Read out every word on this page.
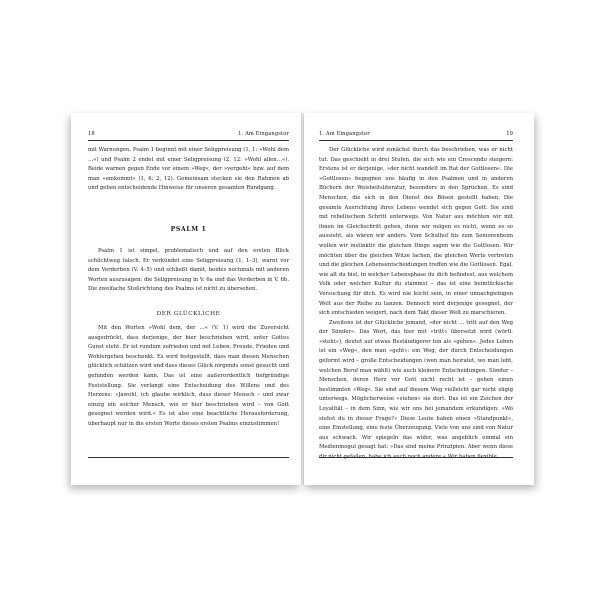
18	1. Am Eingangstor

mit Warnungen. Psalm 1 beginnt mit einer Seligpreisung (1, 1: »Wohl dem …«) und Psalm 2 endet mit einer Seligpreisung (2, 12: »Wohl allen…«). Beide warnen gegen Ende vor einem »Weg«, der »vergeht« bzw. auf dem man »umkommt« (1, 6; 2, 12). Gemeinsam stecken sie den Rahmen ab und geben entscheidende Hinweise für unseren gesamten Rundgang.

PSALM 1

Psalm 1 ist simpel, problematisch und auf den ersten Blick schlichtweg falsch. Er verkündet eine Seligpreisung (1, 1–3), warnt vor dem Verderben (V. 4–5) und schließt damit, beides nochmals mit anderen Worten auszusagen: die Seligpreisung in V. 6a und das Verderben in V. 6b. Die zweifache Stoßrichtung des Psalms ist nicht zu übersehen.

DER GLÜCKLICHE

Mit den Worten »Wohl dem, der …« (V. 1) wird die Zuversicht ausgedrückt, dass derjenige, der hier beschrieben wird, unter Gottes Gunst steht. Er ist rundum zufrieden und mit Leben, Freude, Frieden und Wohlergehen beschenkt. Es wird festgestellt, dass man diesen Menschen glücklich schätzen wird und dass dieses Glück nirgends sonst gesucht und gefunden werden kann. Das ist eine außerordentlich tiefgründige Feststellung. Sie verlangt eine Entscheidung des Willens und des Herzens: »Jawohl, ich glaube wirklich, dass dieser Mensch – und zwar einzig ein solcher Mensch, wie er hier beschrieben wird – von Gott gesegnet werden wird.« Es ist also eine beachtliche Herausforderung, überhaupt nur in die ersten Worte dieses ersten Psalms einzustimmen!

1. Am Eingangstor	19

Der Glückliche wird zunächst durch das beschrieben, was er nicht tut. Das geschieht in drei Stufen, die sich wie ein Crescendo steigern: Erstens ist er derjenige, »der nicht wandelt im Rat der Gottlosen«. Die »Gottlosen« begegnen uns häufig in den Psalmen und in anderen Büchern der Weisheitsliteratur, besonders in den Sprüchen. Es sind Menschen, die sich in den Dienst des Bösen gestellt haben. Die gesamte Ausrichtung ihres Lebens wendet sich gegen Gott. Sie sind mit rebellischem Schritt unterwegs. Von Natur aus möchten wir mit ihnen im Gleichschritt gehen, denn wir mögen es nicht, wenn es so aussieht, als wären wir anders. Vom Schulhof bis zum Seniorenheim wollen wir instinktiv die gleichen Dinge sagen wie die Gottlosen. Wir möchten über die gleichen Witze lachen, die gleichen Werte vertreten und die gleichen Lebensentscheidungen treffen wie die Gottlosen. Egal, wie alt du bist, in welcher Lebensphase du dich befindest, aus welchem Volk oder welcher Kultur du stammst – das ist eine heimtückische Versuchung für dich. Es wird nie leicht sein, in einer unnachgiebigen Welt aus der Reihe zu tanzen. Dennoch wird derjenige gesegnet, der sich entschieden weigert, nach dem Takt dieser Welt zu marschieren.

Zweitens ist der Glückliche jemand, »der nicht … tritt auf den Weg der Sünder«. Das Wort, das hier mit »tritt« übersetzt wird (wörtl. »steht«), deutet auf etwas Beständigerer hin als »gehen«. Jedes Leben ist ein »Weg«, den man »geht«: ein Weg, der durch Entscheidungen geformt wird – große Entscheidungen (wen man heiratet, wo man lebt, welchen Beruf man wählt) wie auch kleinere Entscheidungen. Sünder – Menschen, deren Herz vor Gott nicht recht ist – gehen einen bestimmten »Weg«. Sie sind auf diesem Weg vielleicht gar nicht zügig unterwegs. Möglicherweise »stehen« sie dort. Das ist ein Zeichen der Loyalität – in dem Sinn, wie wir uns bei jemandem erkundigen: »Wo stehst du in dieser Frage?« Diese Leute haben einen »Standpunkt«, eine Einstellung, eine feste Überzeugung. Viele von uns sind von Natur aus schwach. Wir spiegeln das wider, was angeblich einmal ein Medienmogul gesagt hat: »Das sind meine Prinzipien. Aber wenn diese dir nicht gefallen, habe ich auch noch andere.« Wir haben flexible
